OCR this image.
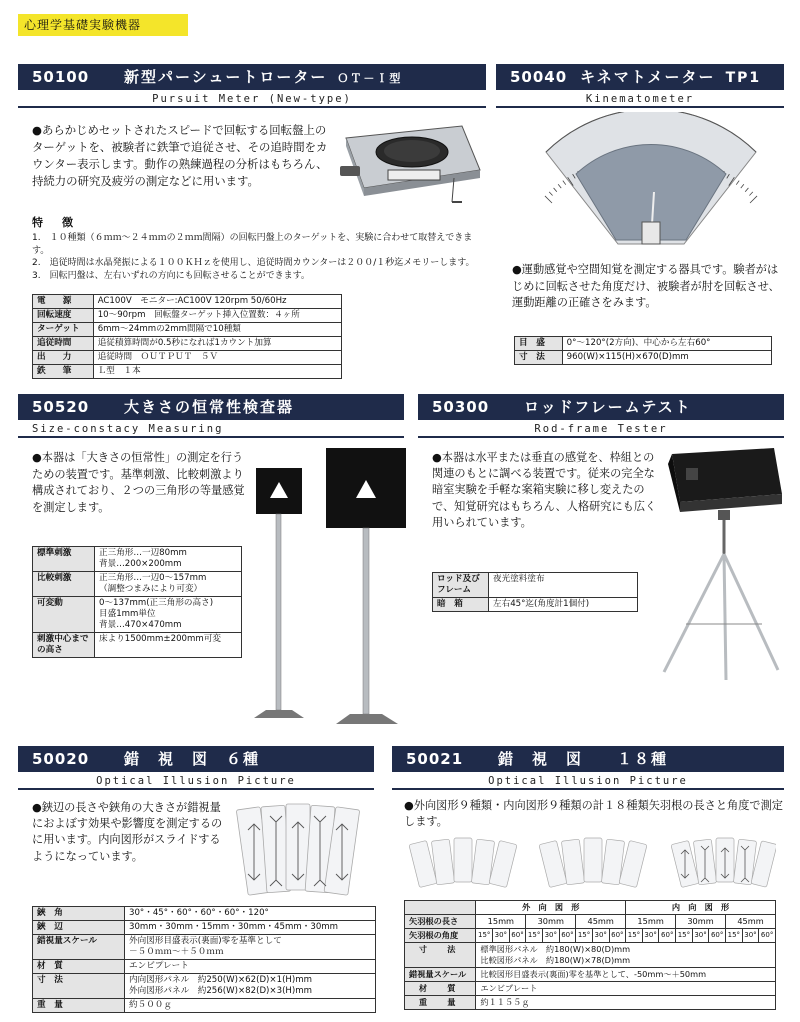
心理学基礎実験機器
50100 新型パーシュートローター ＯＴ－Ｉ型
Pursuit Meter (New-type)
●あらかじめセットされたスピードで回転する回転盤上のターゲットを、被験者に鉄筆で追従させ、その追時間をカウンター表示します。動作の熟練過程の分析はもちろん、持続力の研究及疲労の測定などに用います。
特　徴
1.　１０種類（６ｍｍ～２４ｍｍの２ｍｍ間隔）の回転円盤上のターゲットを、実験に合わせて取替えできます。
2.　追従時間は水晶発振による１００ＫＨｚを使用し、追従時間カウンターは２００/１秒迄メモリーします。
3.　回転円盤は、左右いずれの方向にも回転させることができます。
電　　源	AC100V　モニター:AC100V 120rpm 50/60Hz
回転速度	10～90rpm　回転盤ターゲット挿入位置数：４ヶ所
ターゲット	6mm～24mmの2mm間隔で10種類
追従時間	追従積算時間が0.5秒になれば1カウント加算
出　　力	追従時間　ＯＵＴＰＵＴ　５Ｖ
鉄　　筆	Ｌ型　１本
50040 キネマトメーター TP1
Kinematometer
●運動感覚や空間知覚を測定する器具です。験者がはじめに回転させた角度だけ、被験者が肘を回転させ、運動距離の正確さをみます。
目　盛	0°～120°(2方向)、中心から左右60°
寸　法	960(W)×115(H)×670(D)mm
50520 大きさの恒常性検査器
Size-constacy Measuring
●本器は「大きさの恒常性」の測定を行うための装置です。基準刺激、比較刺激より構成されており、２つの三角形の等量感覚を測定します。
標準刺激	正三角形…一辺80mm
背景…200×200mm

比較刺激	正三角形…一辺0～157mm
（調整つまみにより可変）

可変動	0～137mm(正三角形の高さ)
目盛1mm単位
背景…470×470mm

刺激中心までの高さ	床より1500mm±200mm可変
50300 ロッドフレームテスト
Rod-frame Tester
●本器は水平または垂直の感覚を、枠組との関連のもとに調べる装置です。従来の完全な暗室実験を手軽な案箱実験に移し変えたので、知覚研究はもちろん、人格研究にも広く用いられています。
ロッド及びフレーム	夜光塗料塗布
暗　箱	左右45°迄(角度計1個付)
50020 錯　視　図　６種
Optical Illusion Picture
●鋏辺の長さや鋏角の大きさが錯視量におよぼす効果や影響度を測定するのに用います。内向図形がスライドするようになっています。
鋏　角	30°・45°・60°・60°・60°・120°

鋏　辺	30mm・30mm・15mm・30mm・45mm・30mm

錯視量スケール	外向図形目盛表示(裏面)零を基準として
－５０ｍｍ～＋５０ｍｍ

材　質	エンビプレート

寸　法	内向図形パネル　約250(W)×62(D)×1(H)mm
外向図形パネル　約256(W)×82(D)×3(H)mm

重　量	約５００ｇ
50021 錯　視　図　　１８種
Optical Illusion Picture
●外向図形９種類・内向図形９種類の計１８種類矢羽根の長さと角度で測定します。
	外　向　図　形									内　向　図　形								
矢羽根の長さ	15mm			30mm			45mm			15mm			30mm			45mm		
矢羽根の角度	15°	30°	60°	15°	30°	60°	15°	30°	60°	15°	30°	60°	15°	30°	60°	15°	30°	60°
寸　法	標準図形パネル　約180(W)×80(D)mm
比較図形パネル　約180(W)×78(D)mm																	

錯視量スケール	比較図形目盛表示(裏面)零を基準として、-50mm～＋50mm																	

材　質	エンビプレート																	

重　量	約１１５５ｇ																	
